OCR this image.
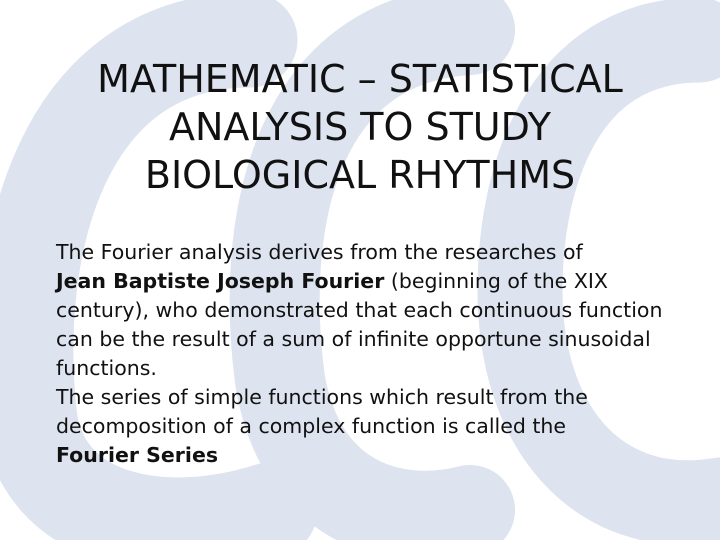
MATHEMATIC – STATISTICAL
ANALYSIS TO STUDY
BIOLOGICAL RHYTHMS

The Fourier analysis derives from the researches of
Jean Baptiste Joseph Fourier (beginning of the XIX century), who demonstrated that each continuous function can be the result of a sum of infinite opportune sinusoidal functions.

The series of simple functions which result from the decomposition of a complex function is called the
Fourier Series
